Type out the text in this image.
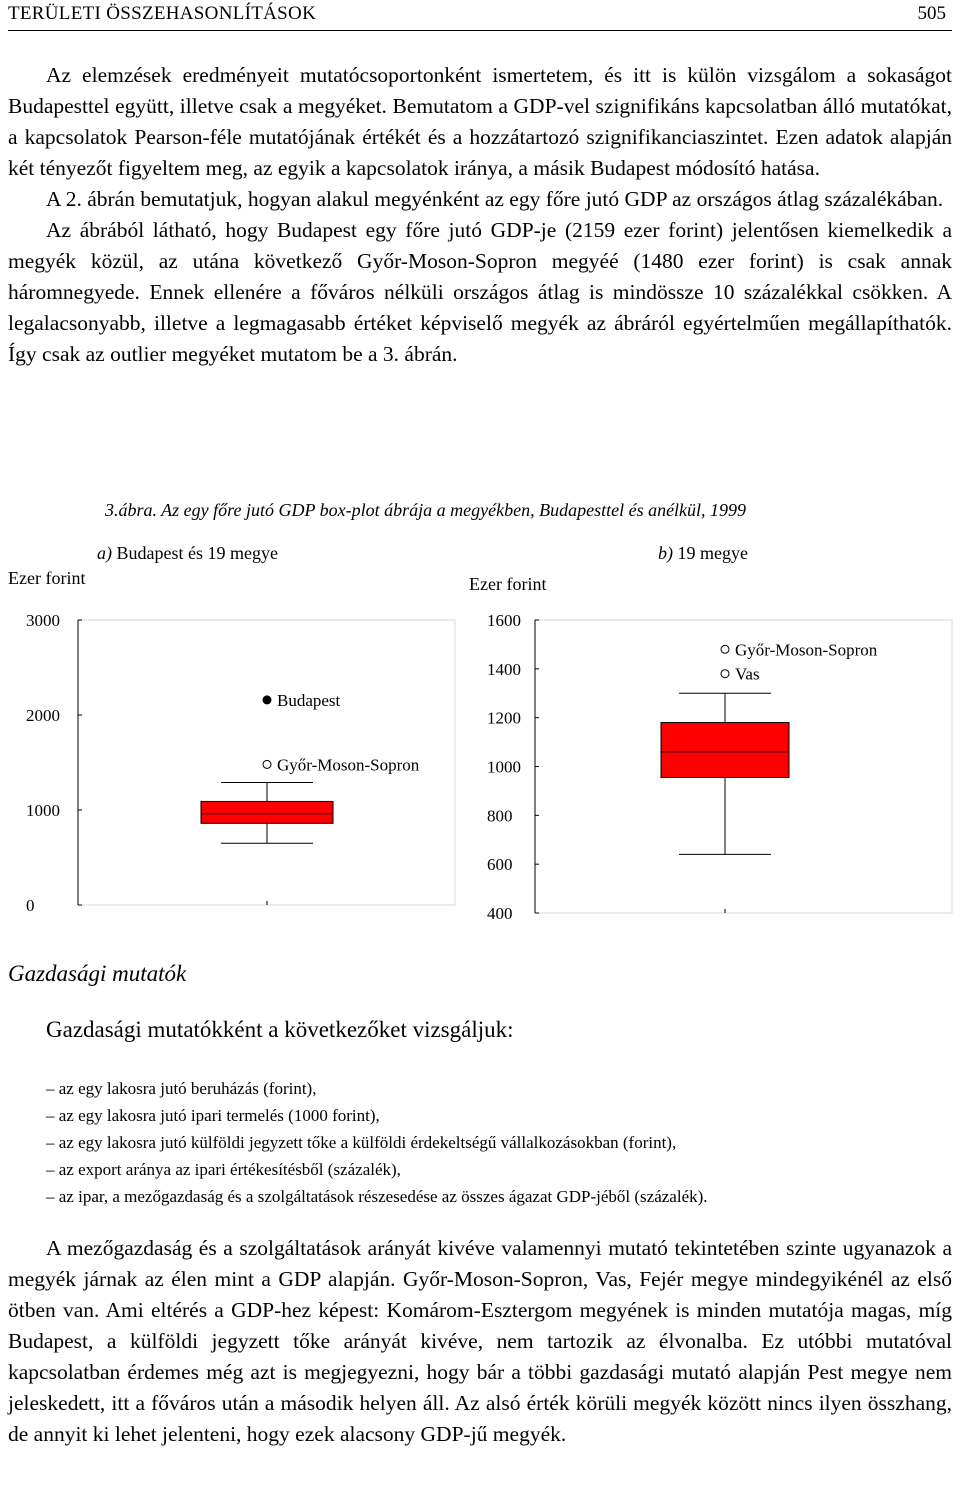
TERÜLETI ÖSSZEHASONLÍTÁSOK	505

Az elemzések eredményeit mutatócsoportonként ismertetem, és itt is külön vizsgálom a sokaságot Budapesttel együtt, illetve csak a megyéket. Bemutatom a GDP-vel szignifikáns kapcsolatban álló mutatókat, a kapcsolatok Pearson-féle mutatójának értékét és a hozzátartozó szignifikanciaszintet. Ezen adatok alapján két tényezőt figyeltem meg, az egyik a kapcsolatok iránya, a másik Budapest módosító hatása.

A 2. ábrán bemutatjuk, hogyan alakul megyénként az egy főre jutó GDP az országos átlag százalékában.

Az ábrából látható, hogy Budapest egy főre jutó GDP-je (2159 ezer forint) jelentősen kiemelkedik a megyék közül, az utána következő Győr-Moson-Sopron megyéé (1480 ezer forint) is csak annak háromnegyede. Ennek ellenére a főváros nélküli országos átlag is mindössze 10 százalékkal csökken. A legalacsonyabb, illetve a legmagasabb értéket képviselő megyék az ábráról egyértelműen megállapíthatók. Így csak az outlier megyéket mutatom be a 3. ábrán.

3.ábra. Az egy főre jutó GDP box-plot ábrája a megyékben, Budapesttel és anélkül, 1999
a) Budapest és 19 megye
Ezer forint
b) 19 megye
Ezer forint
0
1000
2000
3000
Budapest
Győr-Moson-Sopron
400
600
800
1000
1200
1400
1600
Győr-Moson-Sopron
Vas
Gazdasági mutatók
Gazdasági mutatókként a következőket vizsgáljuk:
– az egy lakosra jutó beruházás (forint),
– az egy lakosra jutó ipari termelés (1000 forint),
– az egy lakosra jutó külföldi jegyzett tőke a külföldi érdekeltségű vállalkozásokban (forint),
– az export aránya az ipari értékesítésből (százalék),
– az ipar, a mezőgazdaság és a szolgáltatások részesedése az összes ágazat GDP-jéből (százalék).

A mezőgazdaság és a szolgáltatások arányát kivéve valamennyi mutató tekintetében szinte ugyanazok a megyék járnak az élen mint a GDP alapján. Győr-Moson-Sopron, Vas, Fejér megye mindegyikénél az első ötben van. Ami eltérés a GDP-hez képest: Komárom-Esztergom megyének is minden mutatója magas, míg Budapest, a külföldi jegyzett tőke arányát kivéve, nem tartozik az élvonalba. Ez utóbbi mutatóval kapcsolatban érdemes még azt is megjegyezni, hogy bár a többi gazdasági mutató alapján Pest megye nem jeleskedett, itt a főváros után a második helyen áll. Az alsó érték körüli megyék között nincs ilyen összhang, de annyit ki lehet jelenteni, hogy ezek alacsony GDP-jű megyék.
